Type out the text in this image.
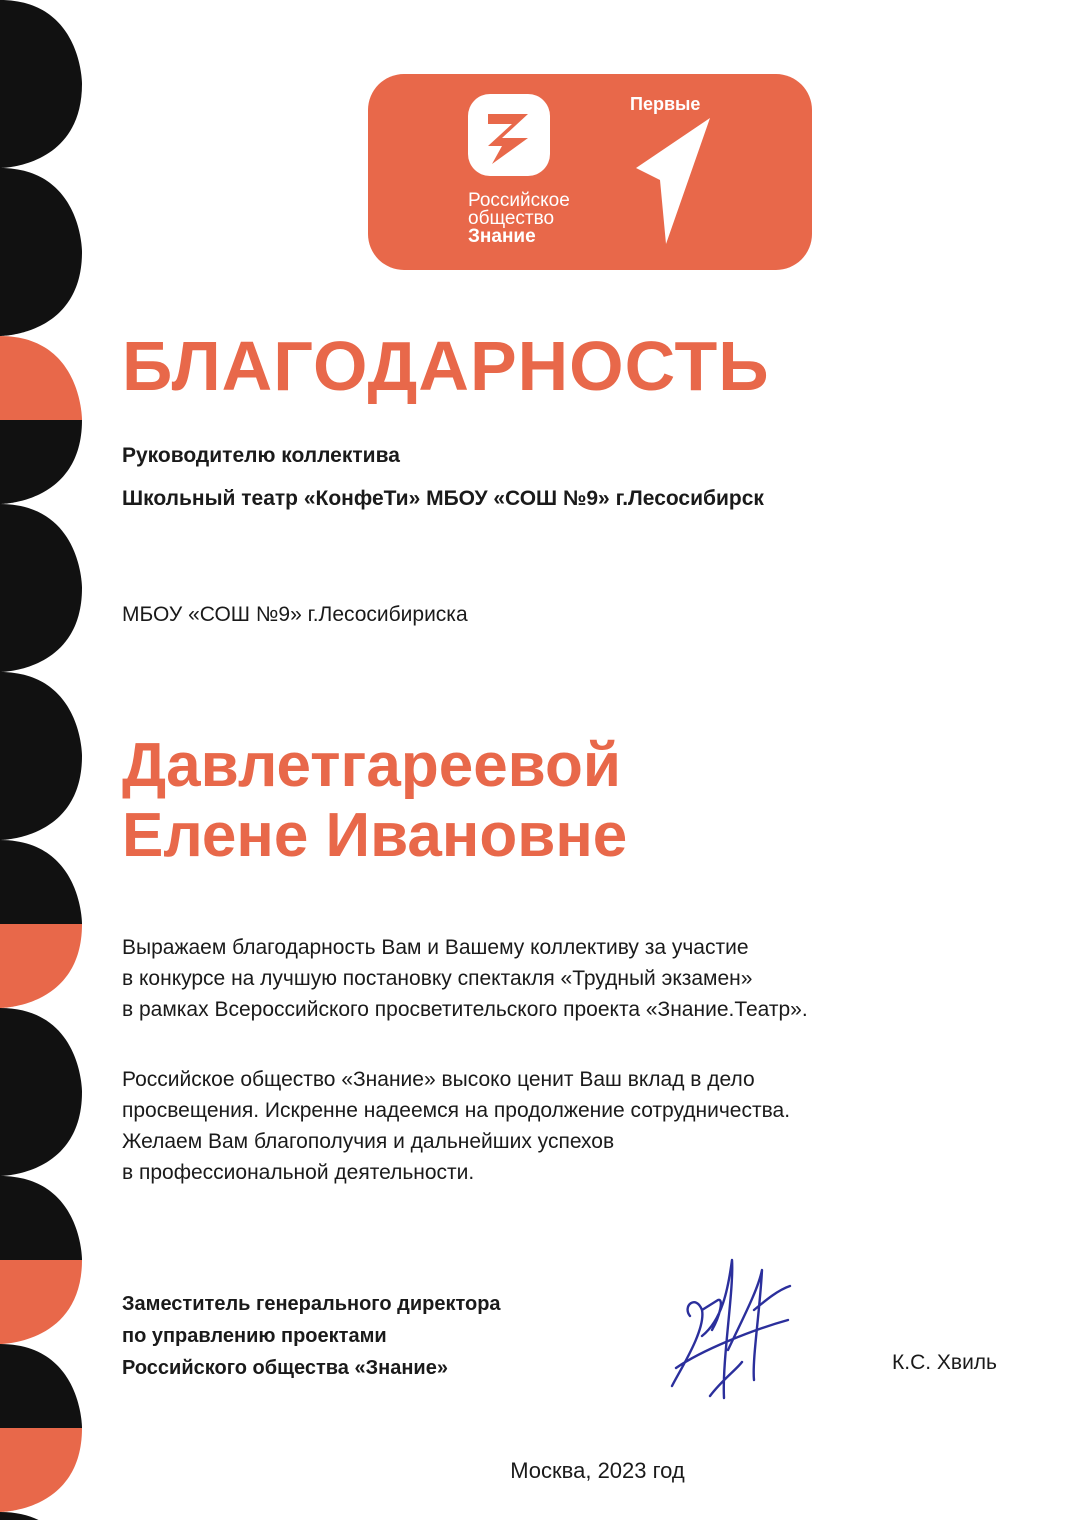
Российское
общество
Знание
Первые
БЛАГОДАРНОСТЬ
Руководителю коллектива
Школьный театр «КонфеТи» МБОУ «СОШ №9» г.Лесосибирск
МБОУ «СОШ №9» г.Лесосибириска
Давлетгареевой
Елене Ивановне
Выражаем благодарность Вам и Вашему коллективу за участие
в конкурсе на лучшую постановку спектакля «Трудный экзамен»
в рамках Всероссийского просветительского проекта «Знание.Театр».
Российское общество «Знание» высоко ценит Ваш вклад в дело
просвещения. Искренне надеемся на продолжение сотрудничества.
Желаем Вам благополучия и дальнейших успехов
в профессиональной деятельности.
Заместитель генерального директора
по управлению проектами
Российского общества «Знание»	К.С. Хвиль
Москва, 2023 год
